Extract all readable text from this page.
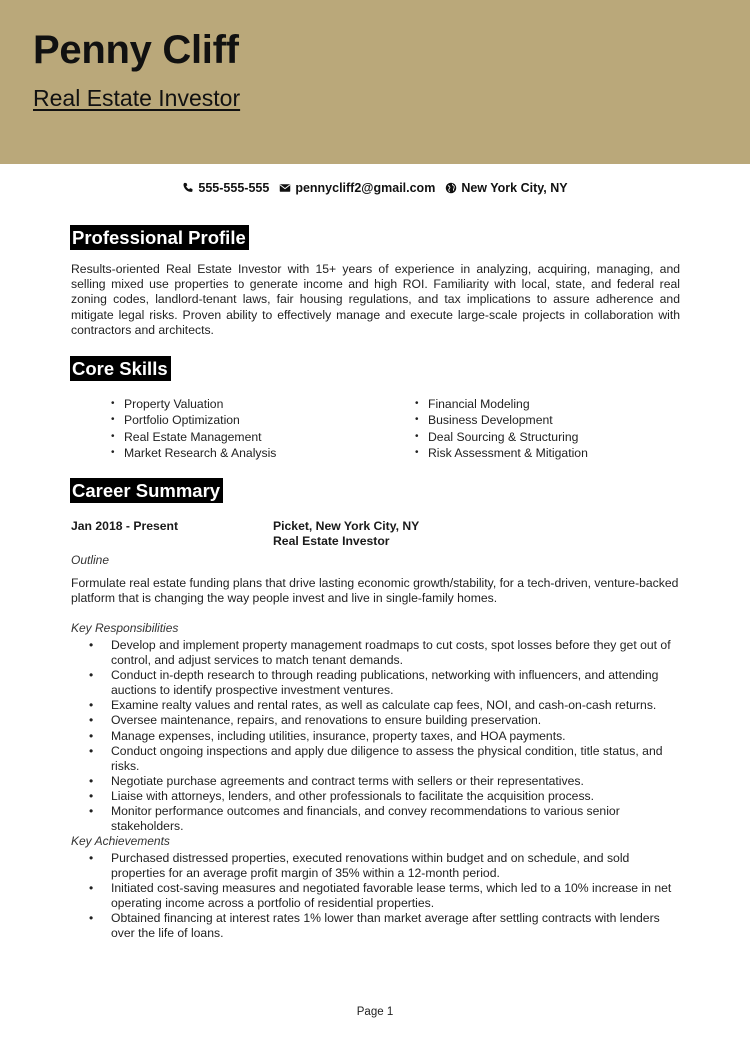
Penny Cliff
Real Estate Investor
555-555-555 pennycliff2@gmail.com New York City, NY
Professional Profile
Results-oriented Real Estate Investor with 15+ years of experience in analyzing, acquiring, managing, and selling mixed use properties to generate income and high ROI. Familiarity with local, state, and federal real zoning codes, landlord-tenant laws, fair housing regulations, and tax implications to assure adherence and mitigate legal risks. Proven ability to effectively manage and execute large-scale projects in collaboration with contractors and architects.
Core Skills
• Property Valuation
• Portfolio Optimization
• Real Estate Management
• Market Research & Analysis
• Financial Modeling
• Business Development
• Deal Sourcing & Structuring
• Risk Assessment & Mitigation
Career Summary
Jan 2018 - Present	Picket, New York City, NY
Real Estate Investor
Outline
Formulate real estate funding plans that drive lasting economic growth/stability, for a tech-driven, venture-backed platform that is changing the way people invest and live in single-family homes.
Key Responsibilities
• Develop and implement property management roadmaps to cut costs, spot losses before they get out of control, and adjust services to match tenant demands.
• Conduct in-depth research to through reading publications, networking with influencers, and attending auctions to identify prospective investment ventures.
• Examine realty values and rental rates, as well as calculate cap fees, NOI, and cash-on-cash returns.
• Oversee maintenance, repairs, and renovations to ensure building preservation.
• Manage expenses, including utilities, insurance, property taxes, and HOA payments.
• Conduct ongoing inspections and apply due diligence to assess the physical condition, title status, and risks.
• Negotiate purchase agreements and contract terms with sellers or their representatives.
• Liaise with attorneys, lenders, and other professionals to facilitate the acquisition process.
• Monitor performance outcomes and financials, and convey recommendations to various senior stakeholders.
Key Achievements
• Purchased distressed properties, executed renovations within budget and on schedule, and sold properties for an average profit margin of 35% within a 12-month period.
• Initiated cost-saving measures and negotiated favorable lease terms, which led to a 10% increase in net operating income across a portfolio of residential properties.
• Obtained financing at interest rates 1% lower than market average after settling contracts with lenders over the life of loans.
Page 1
